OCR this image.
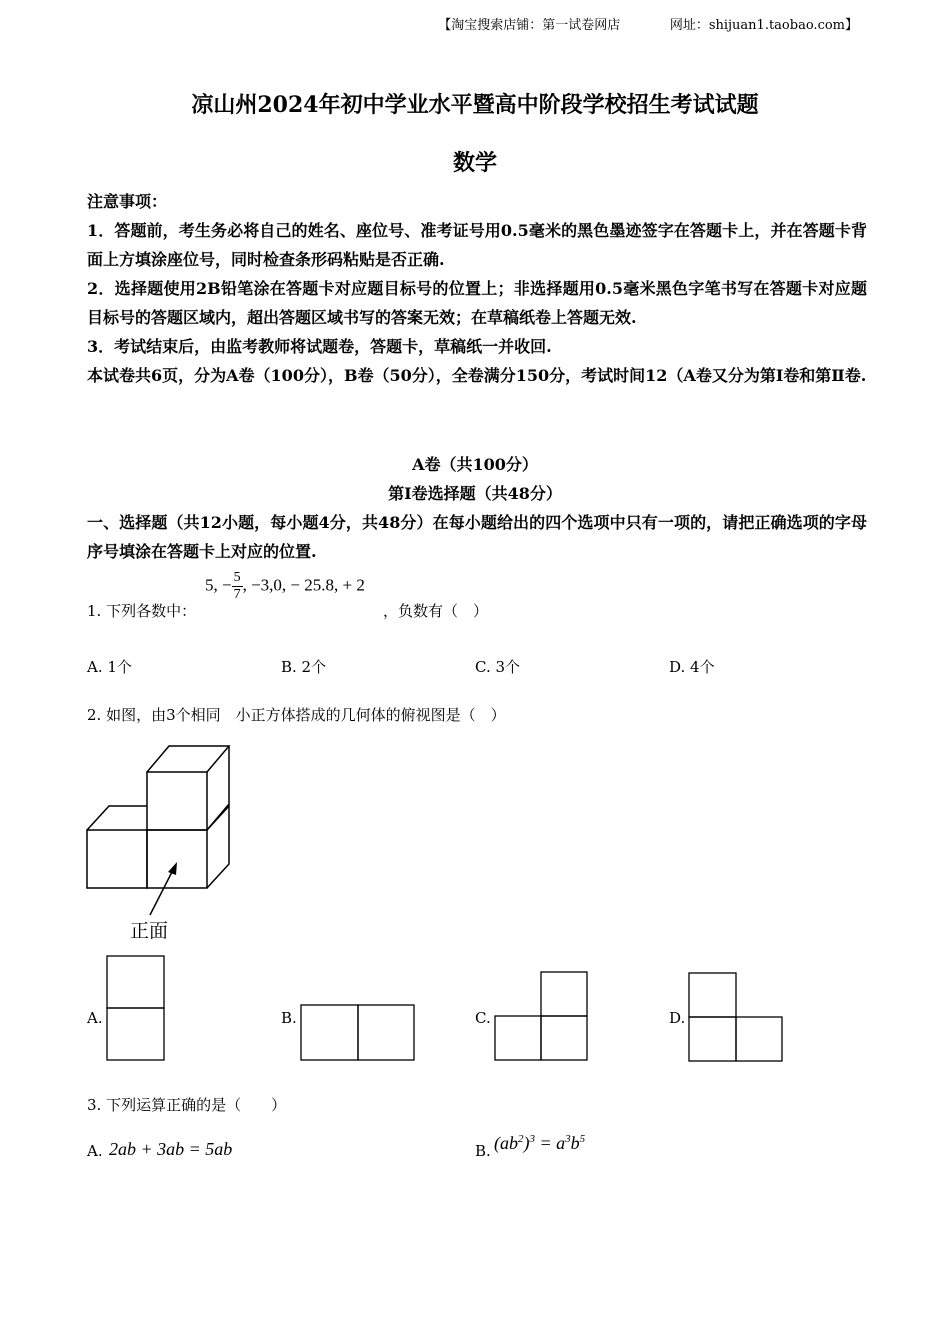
【淘宝搜索店铺：第一试卷网店	网址：shijuan1.taobao.com】
凉山州2024年初中学业水平暨高中阶段学校招生考试试题
数学

注意事项：

1．答题前，考生务必将自己的姓名、座位号、准考证号用0.5毫米的黑色墨迹签字在答题卡上，并在答题卡背面上方填涂座位号，同时检查条形码粘贴是否正确.

2．选择题使用2B铅笔涂在答题卡对应题目标号的位置上；非选择题用0.5毫米黑色字笔书写在答题卡对应题目标号的答题区域内，超出答题区域书写的答案无效；在草稿纸卷上答题无效.

3．考试结束后，由监考教师将试题卷，答题卡，草稿纸一并收回.

本试卷共6页，分为A卷（100分），B卷（50分），全卷满分150分，考试时间12（A卷又分为第Ⅰ卷和第Ⅱ卷.

A卷（共100分）
第Ⅰ卷选择题（共48分）

一、选择题（共12小题，每小题4分，共48分）在每小题给出的四个选项中只有一项的，请把正确选项的字母序号填涂在答题卡上对应的位置.

1. 下列各数中：
5, − $\frac{5}{7}$ , −3,0, − 25.8, + 2
，负数有（　）
A. 1个	B. 2个	C. 3个	D. 4个
2. 如图，由3个相同　小正方体搭成的几何体的俯视图是（　）
正面
A.	B.	C.	D.
3. 下列运算正确的是（　　）
A. 2ab + 3ab = 5ab	B. $(ab^2)^3 = a^3b^5$
